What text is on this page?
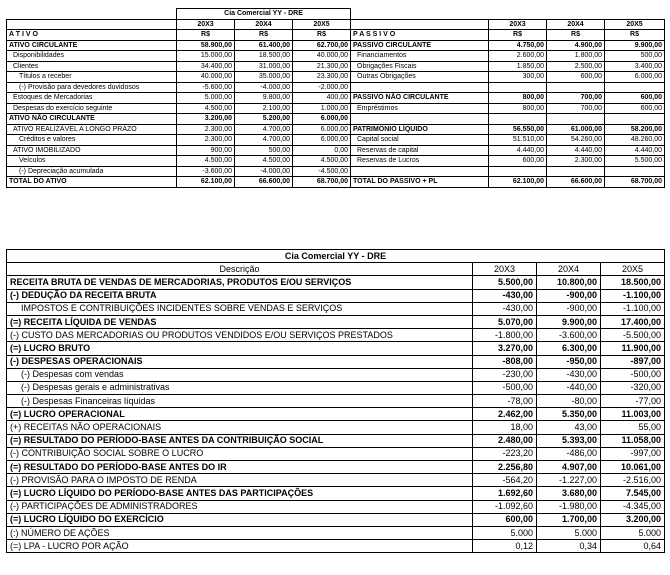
	Cia Comercial YY - DRE						
	20X3	20X4	20X5		20X3	20X4	20X5
A T I V O	R$	R$	R$	P A S S I V O	R$	R$	R$
ATIVO CIRCULANTE	58.900,00	61.400,00	62.700,00	PASSIVO CIRCULANTE	4.750,00	4.900,00	9.900,00
Disponibilidades	15.000,00	18.500,00	40.000,00	Financiamentos	2.600,00	1.800,00	500,00
Clientes	34.400,00	31.000,00	21.300,00	Obrigações Fiscais	1.850,00	2.500,00	3.400,00
Títulos a receber	40.000,00	35.000,00	23.300,00	Outras Obrigações	300,00	600,00	6.000,00
(-) Provisão para devedores duvidosos	-5.600,00	-4.000,00	-2.000,00				
Estoques de Mercadorias	5.000,00	9.800,00	400,00	PASSIVO NÃO CIRCULANTE	800,00	700,00	600,00
Despesas do exercício seguinte	4.500,00	2.100,00	1.000,00	Empréstimos	800,00	700,00	600,00
ATIVO NÃO CIRCULANTE	3.200,00	5.200,00	6.000,00				
ATIVO REALIZÁVEL A LONGO PRAZO	2.300,00	4.700,00	6.000,00	PATRIMÔNIO LÍQUIDO	56.550,00	61.000,00	58.200,00
Créditos e valores	2.300,00	4.700,00	6.000,00	Capital social	51.510,00	54.260,00	48.260,00
ATIVO IMOBILIZADO	900,00	500,00	0,00	Reservas de capital	4.440,00	4.440,00	4.440,00
Veículos	4.500,00	4.500,00	4.500,00	Reservas de Lucros	600,00	2.300,00	5.500,00
(-) Depreciação acumulada	-3.600,00	-4.000,00	-4.500,00				
TOTAL DO ATIVO	62.100,00	66.600,00	68.700,00	TOTAL DO PASSIVO + PL	62.100,00	66.600,00	68.700,00
Cia Comercial YY - DRE			
Descrição	20X3	20X4	20X5
RECEITA BRUTA DE VENDAS DE MERCADORIAS, PRODUTOS E/OU SERVIÇOS	5.500,00	10.800,00	18.500,00
(-) DEDUÇÃO DA RECEITA BRUTA	-430,00	-900,00	-1.100,00
IMPOSTOS E CONTRIBUIÇÕES INCIDENTES SOBRE VENDAS E SERVIÇOS	-430,00	-900,00	-1.100,00
(=) RECEITA LÍQUIDA DE VENDAS	5.070,00	9.900,00	17.400,00
(-) CUSTO DAS MERCADORIAS OU PRODUTOS VENDIDOS E/OU SERVIÇOS PRESTADOS	-1.800,00	-3.600,00	-5.500,00
(=) LUCRO BRUTO	3.270,00	6.300,00	11.900,00
(-) DESPESAS OPERACIONAIS	-808,00	-950,00	-897,00
(-) Despesas com vendas	-230,00	-430,00	-500,00
(-) Despesas gerais e administrativas	-500,00	-440,00	-320,00
(-) Despesas Financeiras líquidas	-78,00	-80,00	-77,00
(=) LUCRO OPERACIONAL	2.462,00	5.350,00	11.003,00
(+) RECEITAS NÃO OPERACIONAIS	18,00	43,00	55,00
(=) RESULTADO DO PERÍODO-BASE ANTES DA CONTRIBUIÇÃO SOCIAL	2.480,00	5.393,00	11.058,00
(-) CONTRIBUIÇÃO SOCIAL SOBRE O LUCRO	-223,20	-486,00	-997,00
(=) RESULTADO DO PERÍODO-BASE ANTES DO IR	2.256,80	4.907,00	10.061,00
(-) PROVISÃO PARA O IMPOSTO DE RENDA	-564,20	-1.227,00	-2.516,00
(=) LUCRO LÍQUIDO DO PERÍODO-BASE ANTES DAS PARTICIPAÇÕES	1.692,60	3.680,00	7.545,00
(-) PARTICIPAÇÕES DE ADMINISTRADORES	-1.092,60	-1.980,00	-4.345,00
(=) LUCRO LÍQUIDO DO EXERCÍCIO	600,00	1.700,00	3.200,00
(:) NÚMERO DE AÇÕES	5.000	5.000	5.000
(=) LPA - LUCRO POR AÇÃO	0,12	0,34	0,64
